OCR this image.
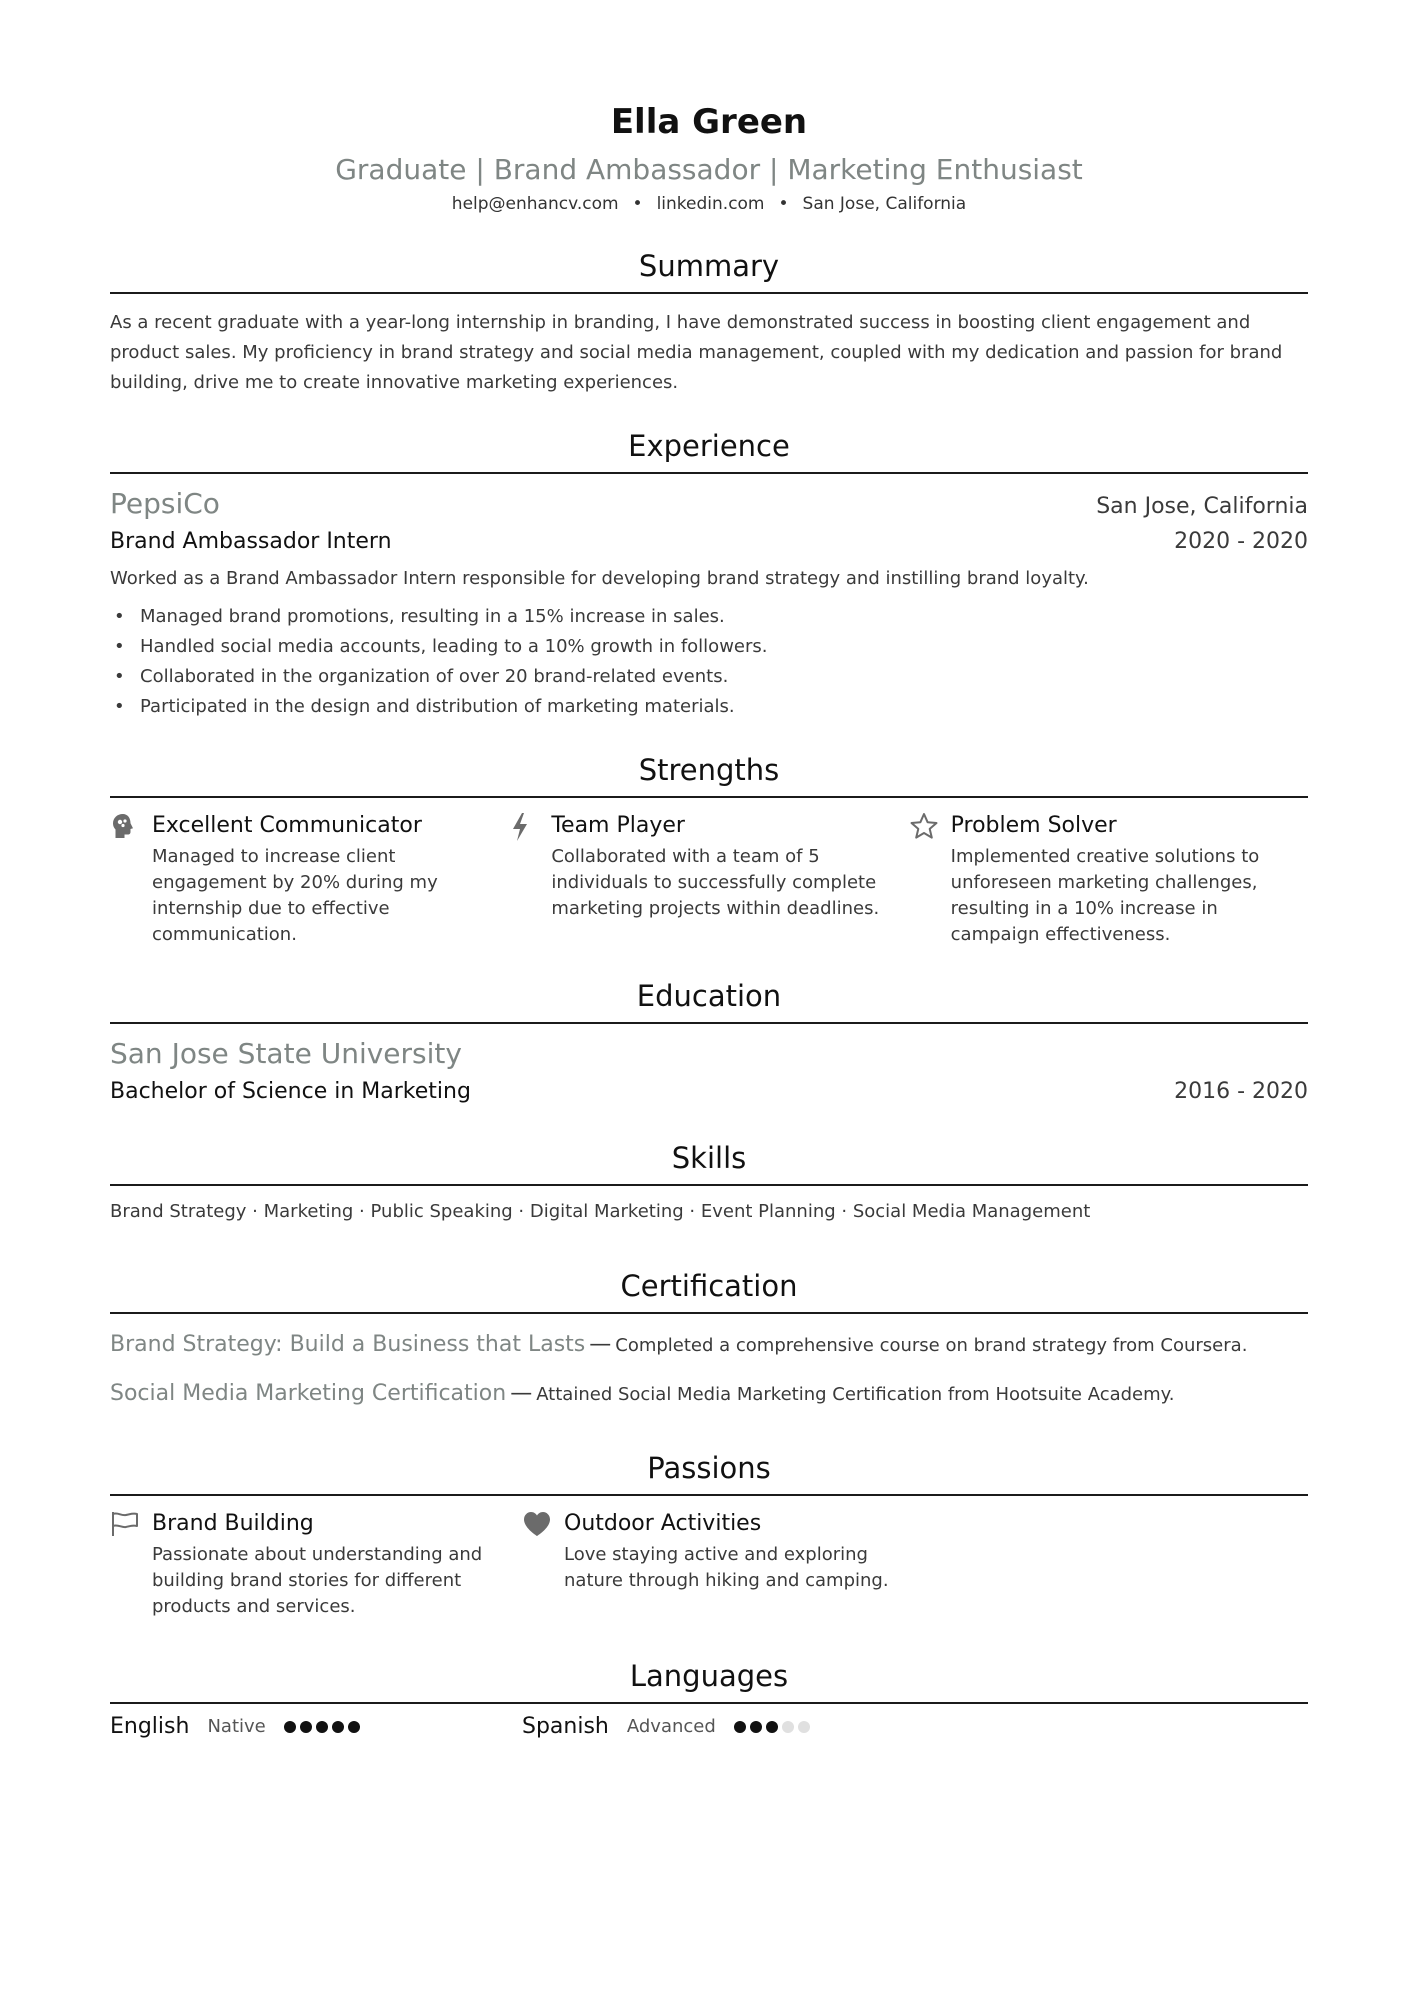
Ella Green
Graduate | Brand Ambassador | Marketing Enthusiast
help@enhancv.com • linkedin.com • San Jose, California
Summary
As a recent graduate with a year-long internship in branding, I have demonstrated success in boosting client engagement and product sales. My proficiency in brand strategy and social media management, coupled with my dedication and passion for brand building, drive me to create innovative marketing experiences.
Experience
PepsiCo	San Jose, California
Brand Ambassador Intern	2020 - 2020
Worked as a Brand Ambassador Intern responsible for developing brand strategy and instilling brand loyalty.
• Managed brand promotions, resulting in a 15% increase in sales.
• Handled social media accounts, leading to a 10% growth in followers.
• Collaborated in the organization of over 20 brand-related events.
• Participated in the design and distribution of marketing materials.
Strengths
Excellent Communicator
Managed to increase client engagement by 20% during my internship due to effective communication.
Team Player
Collaborated with a team of 5 individuals to successfully complete marketing projects within deadlines.
Problem Solver
Implemented creative solutions to unforeseen marketing challenges, resulting in a 10% increase in campaign effectiveness.
Education
San Jose State University
Bachelor of Science in Marketing	2016 - 2020
Skills
Brand Strategy · Marketing · Public Speaking · Digital Marketing · Event Planning · Social Media Management
Certification
Brand Strategy: Build a Business that Lasts — Completed a comprehensive course on brand strategy from Coursera.
Social Media Marketing Certification — Attained Social Media Marketing Certification from Hootsuite Academy.
Passions
Brand Building
Passionate about understanding and building brand stories for different products and services.
Outdoor Activities
Love staying active and exploring nature through hiking and camping.
Languages
English Native	Spanish Advanced
